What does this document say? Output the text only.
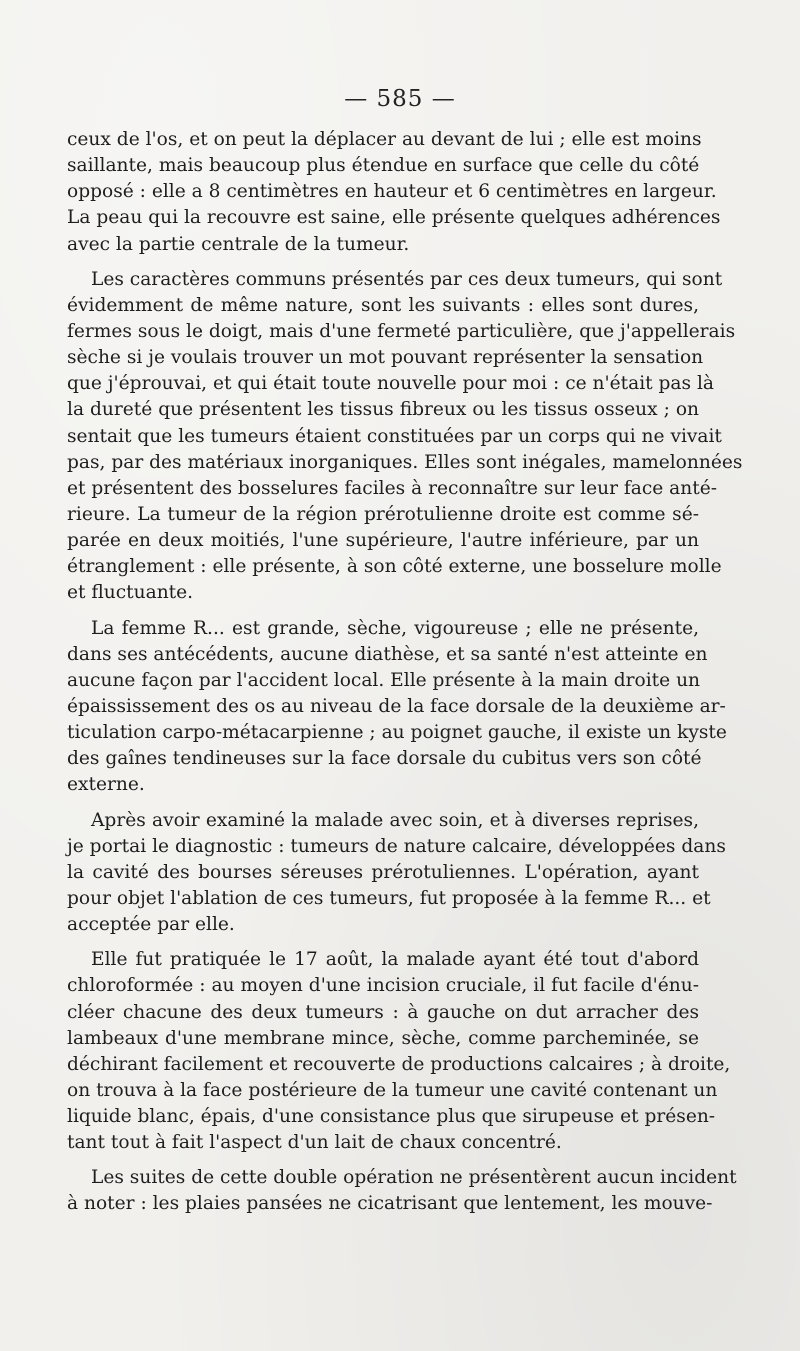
— 585 —
ceux de l'os, et on peut la déplacer au devant de lui ; elle est moins
saillante, mais beaucoup plus étendue en surface que celle du côté
opposé : elle a 8 centimètres en hauteur et 6 centimètres en largeur.
La peau qui la recouvre est saine, elle présente quelques adhérences
avec la partie centrale de la tumeur.
Les caractères communs présentés par ces deux tumeurs, qui sont
évidemment de même nature, sont les suivants : elles sont dures,
fermes sous le doigt, mais d'une fermeté particulière, que j'appellerais
sèche si je voulais trouver un mot pouvant représenter la sensation
que j'éprouvai, et qui était toute nouvelle pour moi : ce n'était pas là
la dureté que présentent les tissus fibreux ou les tissus osseux ; on
sentait que les tumeurs étaient constituées par un corps qui ne vivait
pas, par des matériaux inorganiques. Elles sont inégales, mamelonnées
et présentent des bosselures faciles à reconnaître sur leur face anté-
rieure. La tumeur de la région prérotulienne droite est comme sé-
parée en deux moitiés, l'une supérieure, l'autre inférieure, par un
étranglement : elle présente, à son côté externe, une bosselure molle
et fluctuante.
La femme R... est grande, sèche, vigoureuse ; elle ne présente,
dans ses antécédents, aucune diathèse, et sa santé n'est atteinte en
aucune façon par l'accident local. Elle présente à la main droite un
épaississement des os au niveau de la face dorsale de la deuxième ar-
ticulation carpo-métacarpienne ; au poignet gauche, il existe un kyste
des gaînes tendineuses sur la face dorsale du cubitus vers son côté
externe.
Après avoir examiné la malade avec soin, et à diverses reprises,
je portai le diagnostic : tumeurs de nature calcaire, développées dans
la cavité des bourses séreuses prérotuliennes. L'opération, ayant
pour objet l'ablation de ces tumeurs, fut proposée à la femme R... et
acceptée par elle.
Elle fut pratiquée le 17 août, la malade ayant été tout d'abord
chloroformée : au moyen d'une incision cruciale, il fut facile d'énu-
cléer chacune des deux tumeurs : à gauche on dut arracher des
lambeaux d'une membrane mince, sèche, comme parcheminée, se
déchirant facilement et recouverte de productions calcaires ; à droite,
on trouva à la face postérieure de la tumeur une cavité contenant un
liquide blanc, épais, d'une consistance plus que sirupeuse et présen-
tant tout à fait l'aspect d'un lait de chaux concentré.
Les suites de cette double opération ne présentèrent aucun incident
à noter : les plaies pansées ne cicatrisant que lentement, les mouve-
